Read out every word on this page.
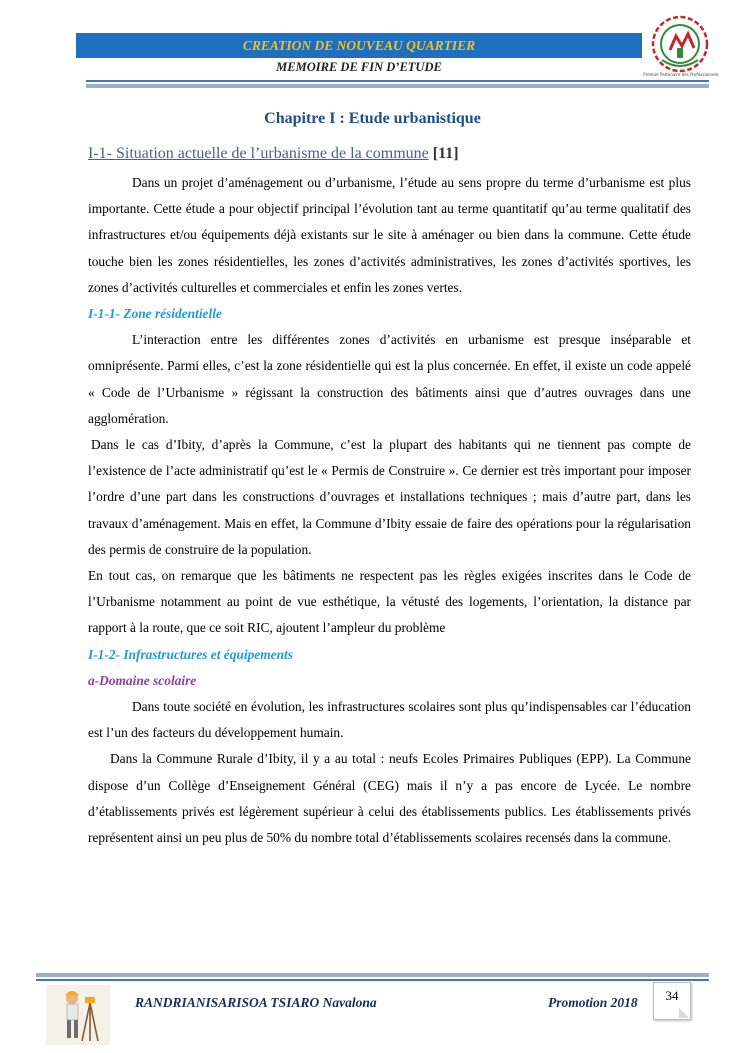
CREATION DE NOUVEAU QUARTIER
MEMOIRE DE FIN D’ETUDE
Premier Partenaire des Professionnels
Chapitre I : Etude urbanistique
I-1- Situation actuelle de l’urbanisme de la commune [11]

Dans un projet d’aménagement ou d’urbanisme, l’étude au sens propre du terme d’urbanisme est plus importante. Cette étude a pour objectif principal l’évolution tant au terme quantitatif qu’au terme qualitatif des infrastructures et/ou équipements déjà existants sur le site à aménager ou bien dans la commune. Cette étude touche bien les zones résidentielles, les zones d’activités administratives, les zones d’activités sportives, les zones d’activités culturelles et commerciales et enfin les zones vertes.

I-1-1- Zone résidentielle

L’interaction entre les différentes zones d’activités en urbanisme est presque inséparable et omniprésente. Parmi elles, c’est la zone résidentielle qui est la plus concernée. En effet, il existe un code appelé « Code de l’Urbanisme » régissant la construction des bâtiments ainsi que d’autres ouvrages dans une agglomération.

Dans le cas d’Ibity, d’après la Commune, c’est la plupart des habitants qui ne tiennent pas compte de l’existence de l’acte administratif qu’est le « Permis de Construire ». Ce dernier est très important pour imposer l’ordre d’une part dans les constructions d’ouvrages et installations techniques ; mais d’autre part, dans les travaux d’aménagement. Mais en effet, la Commune d’Ibity essaie de faire des opérations pour la régularisation des permis de construire de la population.

En tout cas, on remarque que les bâtiments ne respectent pas les règles exigées inscrites dans le Code de l’Urbanisme notamment au point de vue esthétique, la vétusté des logements, l’orientation, la distance par rapport à la route, que ce soit RIC, ajoutent l’ampleur du problème

I-1-2- Infrastructures et équipements
a-Domaine scolaire

Dans toute société en évolution, les infrastructures scolaires sont plus qu’indispensables car l’éducation est l’un des facteurs du développement humain.

Dans la Commune Rurale d’Ibity, il y a au total : neufs Ecoles Primaires Publiques (EPP). La Commune dispose d’un Collège d’Enseignement Général (CEG) mais il n’y a pas encore de Lycée. Le nombre d’établissements privés est légèrement supérieur à celui des établissements publics. Les établissements privés représentent ainsi un peu plus de 50% du nombre total d’établissements scolaires recensés dans la commune.

RANDRIANISARISOA TSIARO Navalona	Promotion 2018	34
